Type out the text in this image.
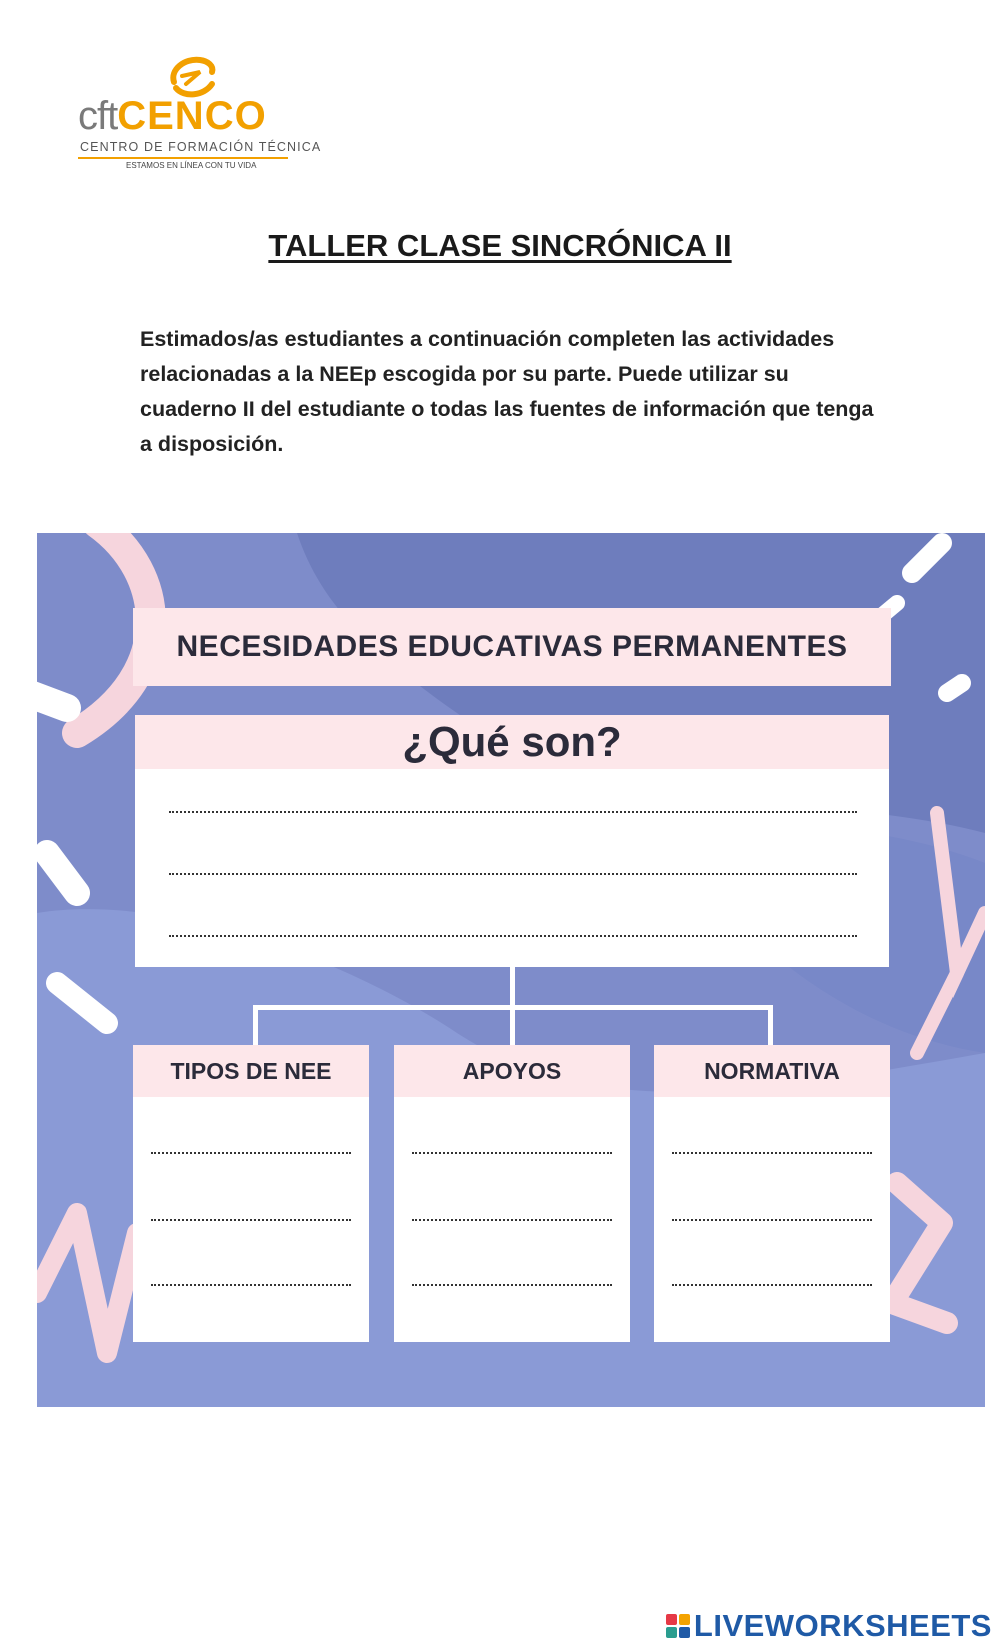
cftCENCO
CENTRO DE FORMACIÓN TÉCNICA
ESTAMOS EN LÍNEA CON TU VIDA
TALLER CLASE SINCRÓNICA II
Estimados/as estudiantes a continuación completen las actividades relacionadas a la NEEp escogida por su parte. Puede utilizar su cuaderno II del estudiante o todas las fuentes de información que tenga a disposición.
NECESIDADES EDUCATIVAS PERMANENTES
¿Qué son?
TIPOS DE NEE	APOYOS	NORMATIVA
LIVEWORKSHEETS
